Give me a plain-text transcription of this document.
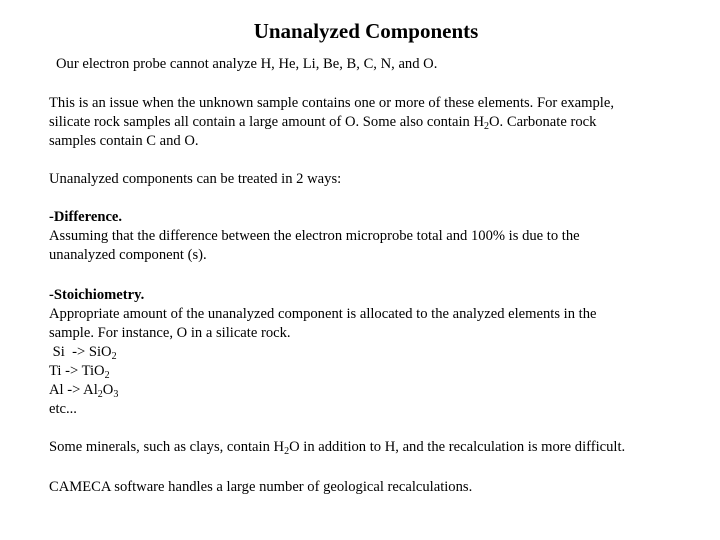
Unanalyzed Components
Our electron probe cannot analyze H, He, Li, Be, B, C, N, and O.
This is an issue when the unknown sample contains one or more of these elements. For example,
silicate rock samples all contain a large amount of O. Some also contain $H_2O$. Carbonate rock
samples contain C and O.
Unanalyzed components can be treated in 2 ways:
-Difference.
Assuming that the difference between the electron microprobe total and 100% is due to the
unanalyzed component (s).
-Stoichiometry.
Appropriate amount of the unanalyzed component is allocated to the analyzed elements in the
sample. For instance, O in a silicate rock.
Si  -> SiO$_2$
Ti -> TiO$_2$
$Al -> Al_2O_3$
etc...
Some minerals, such as clays, contain $H_2O$ in addition to H, and the recalculation is more difficult.
CAMECA software handles a large number of geological recalculations.
